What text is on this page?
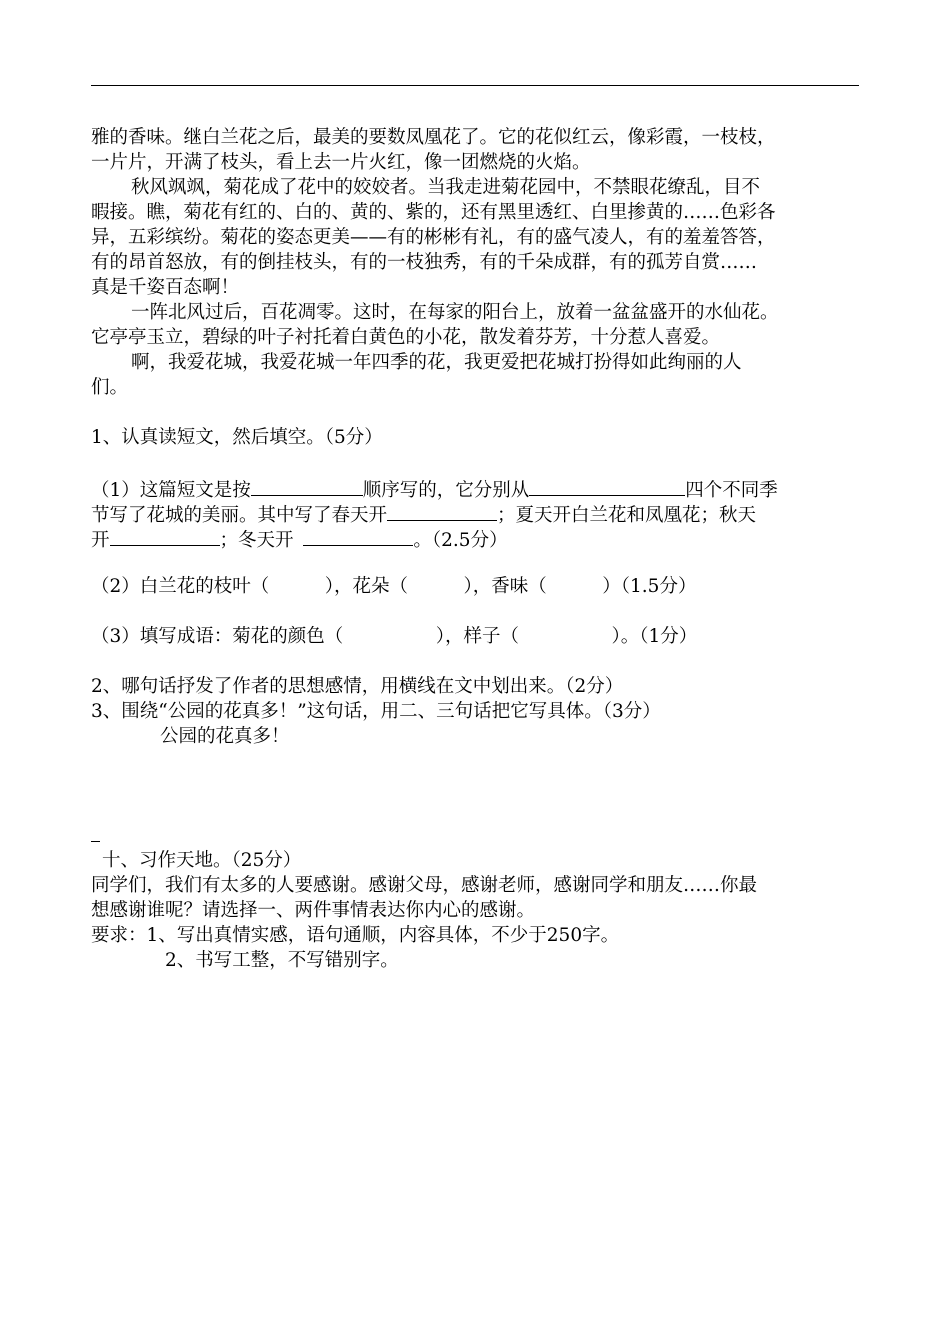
雅的香味。继白兰花之后，最美的要数凤凰花了。它的花似红云，像彩霞，一枝枝，
一片片，开满了枝头，看上去一片火红，像一团燃烧的火焰。
秋风飒飒，菊花成了花中的姣姣者。当我走进菊花园中，不禁眼花缭乱，目不
暇接。瞧，菊花有红的、白的、黄的、紫的，还有黑里透红、白里掺黄的……色彩各
异，五彩缤纷。菊花的姿态更美——有的彬彬有礼，有的盛气凌人，有的羞羞答答，
有的昂首怒放，有的倒挂枝头，有的一枝独秀，有的千朵成群，有的孤芳自赏……
真是千姿百态啊！
一阵北风过后，百花凋零。这时，在每家的阳台上，放着一盆盆盛开的水仙花。
它亭亭玉立，碧绿的叶子衬托着白黄色的小花，散发着芬芳，十分惹人喜爱。
啊，我爱花城，我爱花城一年四季的花，我更爱把花城打扮得如此绚丽的人
们。
1、认真读短文，然后填空。（5分）
（1）这篇短文是按	顺序写的，它分别从	四个不同季
节写了花城的美丽。其中写了春天开	；夏天开白兰花和凤凰花；秋天
开	；冬天开	。（2.5分）
（2）白兰花的枝叶（　　　），花朵（　　　），香味（　　　）（1.5分）
（3）填写成语：菊花的颜色（　　　　　），样子（　　　　　）。（1分）
2、哪句话抒发了作者的思想感情，用横线在文中划出来。（2分）
3、围绕“公园的花真多！”这句话，用二、三句话把它写具体。（3分）
公园的花真多！
十、习作天地。（25分）
同学们，我们有太多的人要感谢。感谢父母，感谢老师，感谢同学和朋友……你最
想感谢谁呢？请选择一、两件事情表达你内心的感谢。
要求：1、写出真情实感，语句通顺，内容具体，不少于250字。
2、书写工整，不写错别字。
